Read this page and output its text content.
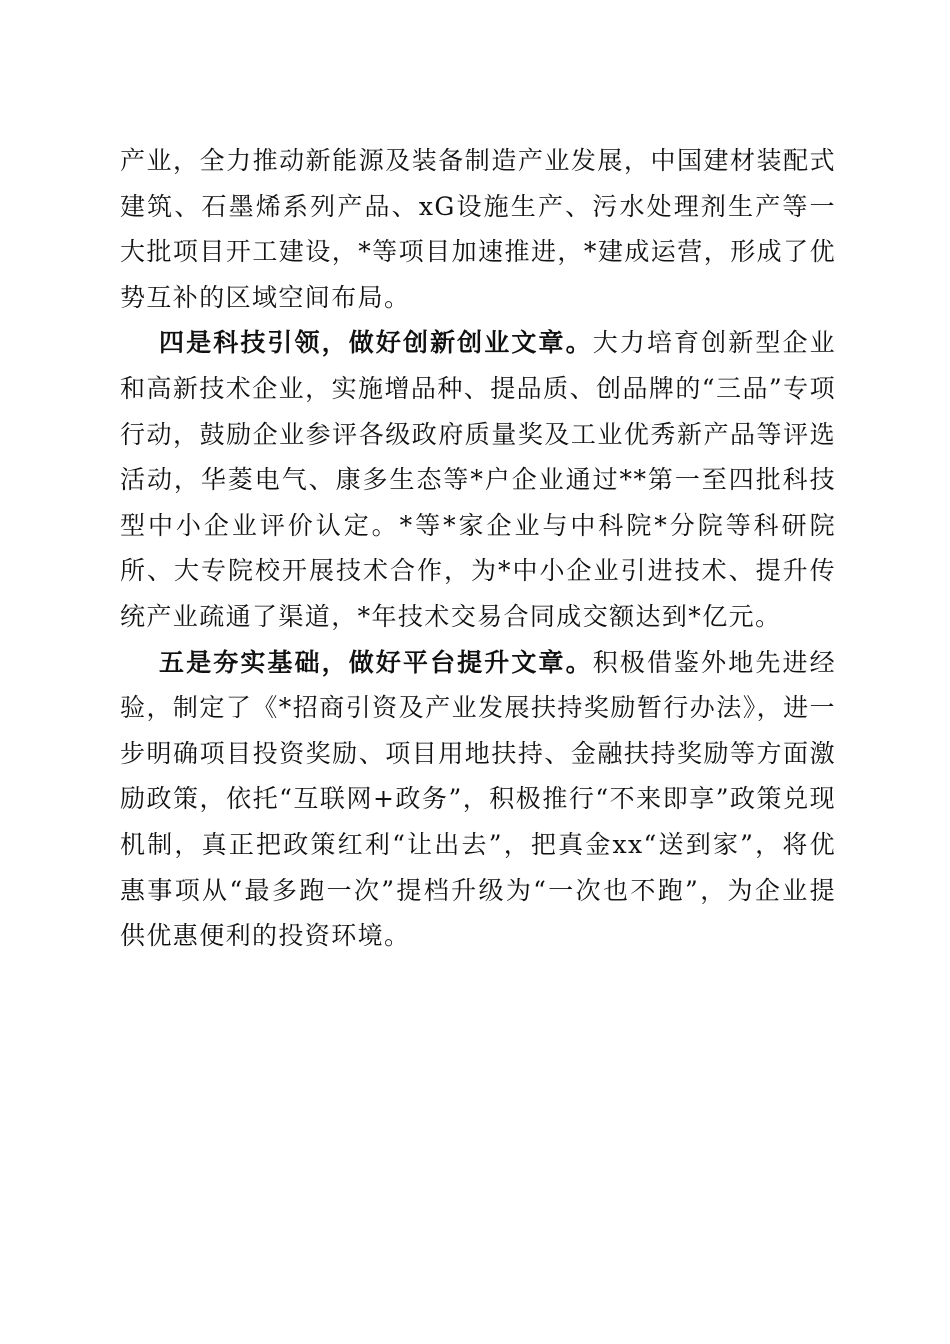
产业，全力推动新能源及装备制造产业发展，中国建材装配式建筑、石墨烯系列产品、xG设施生产、污水处理剂生产等一大批项目开工建设，*等项目加速推进，*建成运营，形成了优势互补的区域空间布局。

四是科技引领，做好创新创业文章。大力培育创新型企业和高新技术企业，实施增品种、提品质、创品牌的“三品”专项行动，鼓励企业参评各级政府质量奖及工业优秀新产品等评选活动，华菱电气、康多生态等*户企业通过**第一至四批科技型中小企业评价认定。*等*家企业与中科院*分院等科研院所、大专院校开展技术合作，为*中小企业引进技术、提升传统产业疏通了渠道，*年技术交易合同成交额达到*亿元。

五是夯实基础，做好平台提升文章。积极借鉴外地先进经验，制定了《*招商引资及产业发展扶持奖励暂行办法》，进一步明确项目投资奖励、项目用地扶持、金融扶持奖励等方面激励政策，依托“互联网+政务”，积极推行“不来即享”政策兑现机制，真正把政策红利“让出去”，把真金xx“送到家”，将优惠事项从“最多跑一次”提档升级为“一次也不跑”，为企业提供优惠便利的投资环境。
